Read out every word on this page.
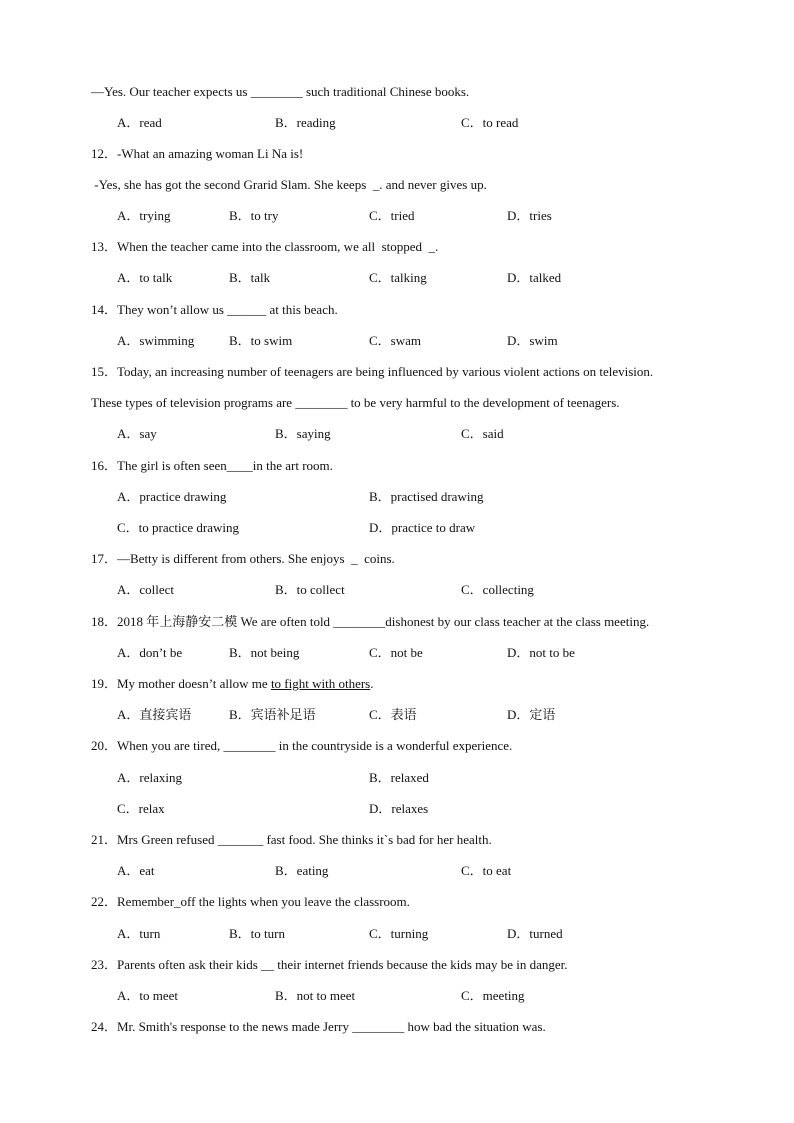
—Yes. Our teacher expects us ________ such traditional Chinese books.
A．read	B．reading	C．to read
12．-What an amazing woman Li Na is!
-Yes, she has got the second Grarid Slam. She keeps  _. and never gives up.
A．trying	B．to try	C．tried	D．tries
13．When the teacher came into the classroom, we all  stopped  _.
A．to talk	B．talk	C．talking	D．talked
14．They won’t allow us ______ at this beach.
A．swimming	B．to swim	C．swam	D．swim
15．Today, an increasing number of teenagers are being influenced by various violent actions on television.
These types of television programs are ________ to be very harmful to the development of teenagers.
A．say	B．saying	C．said
16．The girl is often seen____in the art room.
A．practice drawing	B．practised drawing
C．to practice drawing	D．practice to draw
17．—Betty is different from others. She enjoys  _  coins.
A．collect	B．to collect	C．collecting
18．2018 年上海静安二模 We are often told ________dishonest by our class teacher at the class meeting.
A．don’t be	B．not being	C．not be	D．not to be
19．My mother doesn’t allow me to fight with others.
A．直接宾语	B．宾语补足语	C．表语	D．定语
20．When you are tired, ________ in the countryside is a wonderful experience.
A．relaxing	B．relaxed
C．relax	D．relaxes
21．Mrs Green refused _______ fast food. She thinks it`s bad for her health.
A．eat	B．eating	C．to eat
22．Remember_off the lights when you leave the classroom.
A．turn	B．to turn	C．turning	D．turned
23．Parents often ask their kids __ their internet friends because the kids may be in danger.
A．to meet	B．not to meet	C．meeting
24．Mr. Smith's response to the news made Jerry ________ how bad the situation was.
